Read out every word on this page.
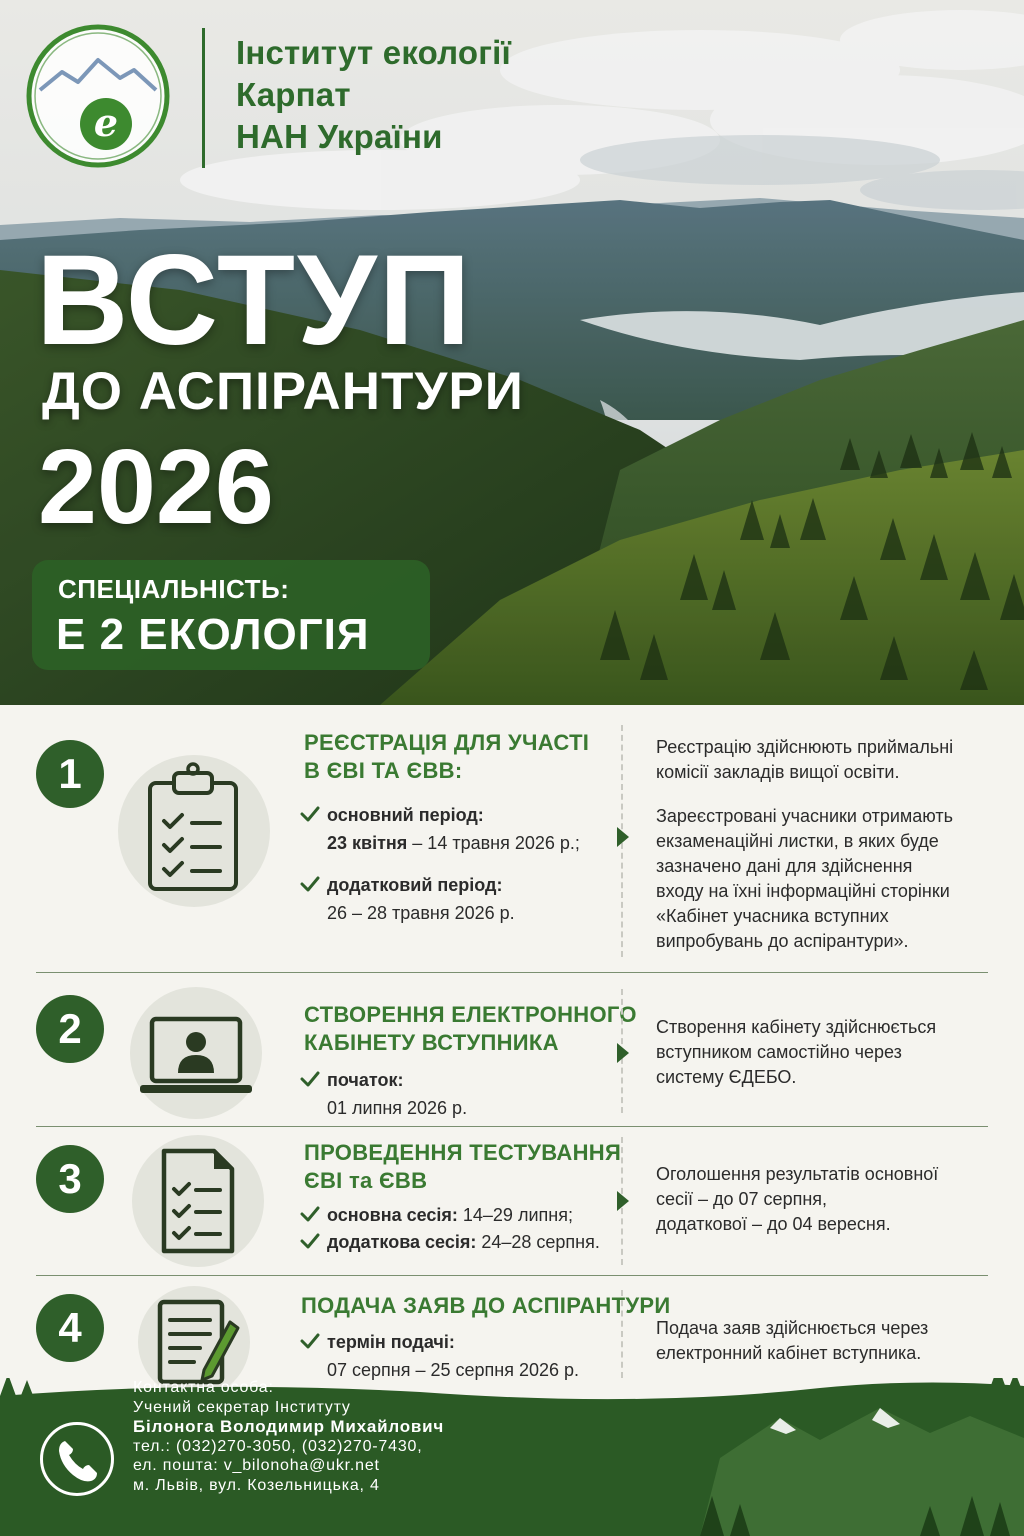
e
Інститут екології
Карпат
НАН України
ВСТУП
ДО АСПІРАНТУРИ
2026
СПЕЦІАЛЬНІСТЬ:
E 2 ЕКОЛОГІЯ
1
РЕЄСТРАЦІЯ ДЛЯ УЧАСТІ
В ЄВІ ТА ЄВВ:
основний період:
23 квітня – 14 травня 2026 р.;
додатковий період:
26 – 28 травня 2026 р.
Реєстрацію здійснюють приймальні
комісії закладів вищої освіти.
Зареєстровані учасники отримають
екзаменаційні листки, в яких буде
зазначено дані для здійснення
входу на їхні інформаційні сторінки
«Кабінет учасника вступних
випробувань до аспірантури».
2	СТВОРЕННЯ ЕЛЕКТРОННОГО
КАБІНЕТУ ВСТУПНИКА
початок:
01 липня 2026 р.
Створення кабінету здійснюється
вступником самостійно через
систему ЄДЕБО.
3
ПРОВЕДЕННЯ ТЕСТУВАННЯ
ЄВІ та ЄВВ
основна сесія: 14–29 липня;
додаткова сесія: 24–28 серпня.
Оголошення результатів основної
сесії – до 07 серпня,
додаткової – до 04 вересня.
4	ПОДАЧА ЗАЯВ ДО АСПІРАНТУРИ
термін подачі:
07 серпня – 25 серпня 2026 р.
Подача заяв здійснюється через
електронний кабінет вступника.
Контактна особа:
Учений секретар Інституту
Білонога Володимир Михайлович
тел.: (032)270-3050, (032)270-7430,
ел. пошта: v_bilonoha@ukr.net
м. Львів, вул. Козельницька, 4
